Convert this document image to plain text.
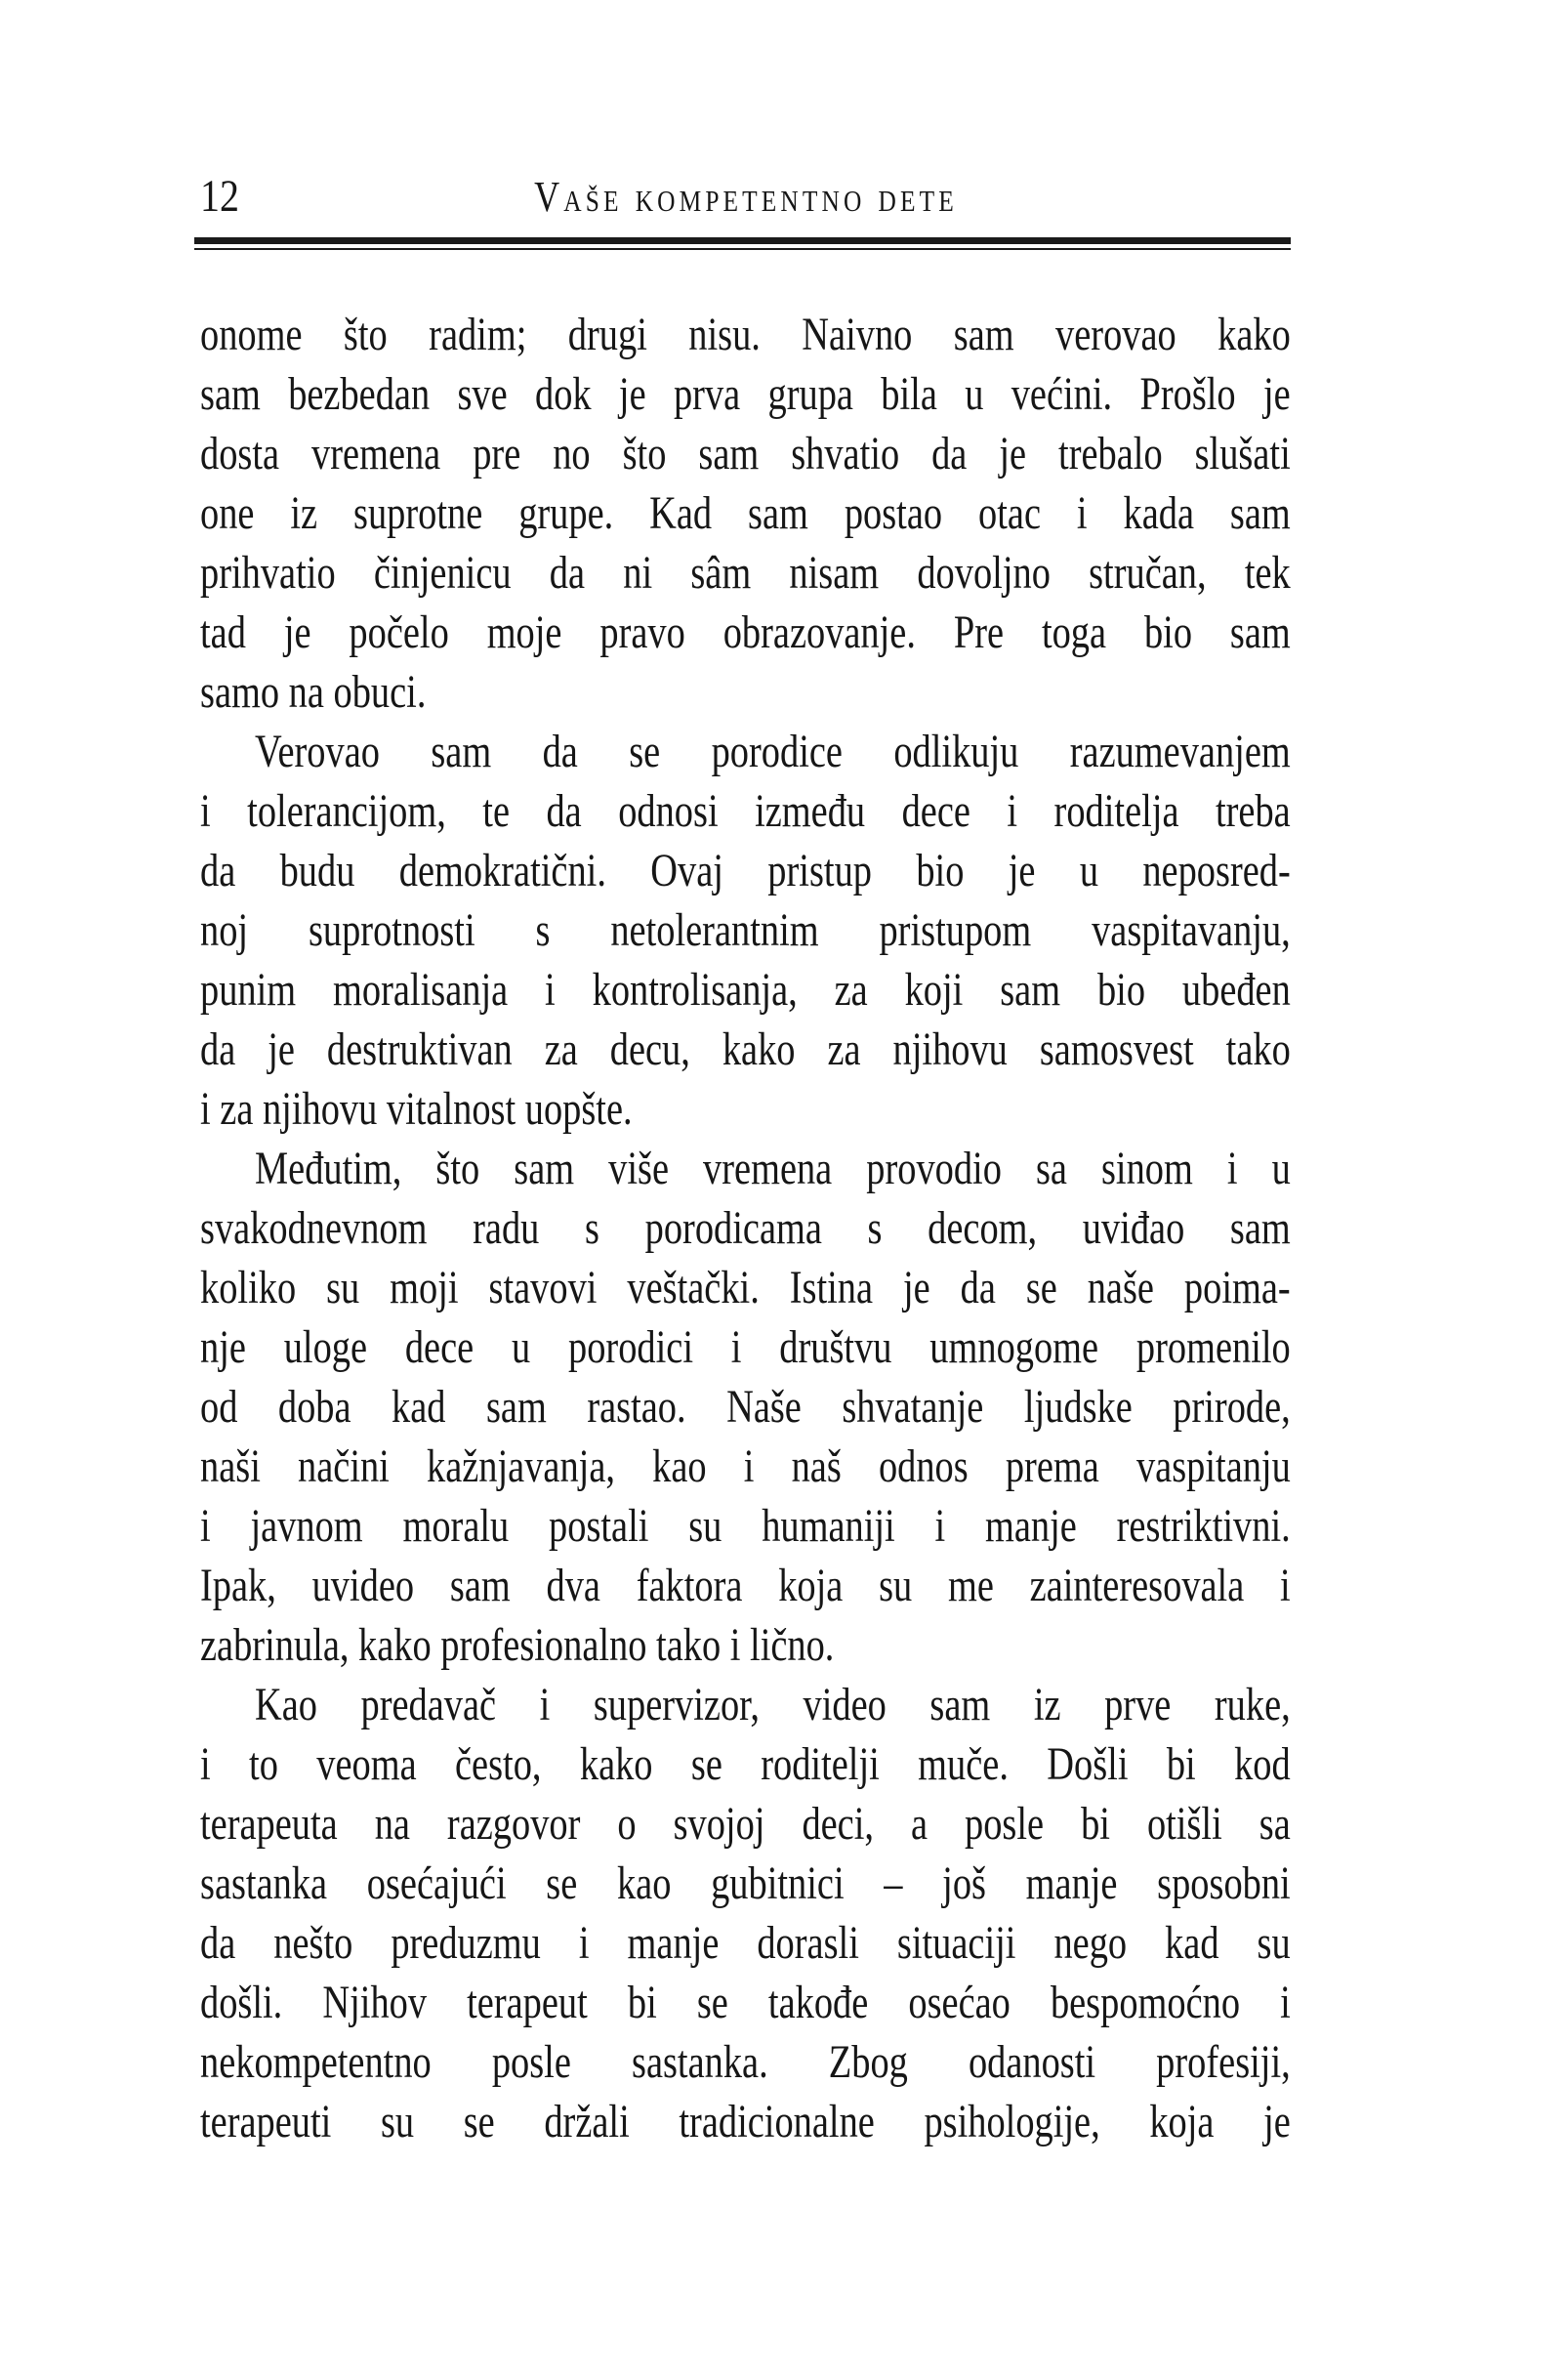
12	Vaše kompetentno dete
onome što radim; drugi nisu. Naivno sam verovao kako
sam bezbedan sve dok je prva grupa bila u većini. Prošlo je
dosta vremena pre no što sam shvatio da je trebalo slušati
one iz suprotne grupe. Kad sam postao otac i kada sam
prihvatio činjenicu da ni sâm nisam dovoljno stručan, tek
tad je počelo moje pravo obrazovanje. Pre toga bio sam
samo na obuci.
Verovao sam da se porodice odlikuju razumevanjem
i tolerancijom, te da odnosi između dece i roditelja treba
da budu demokratični. Ovaj pristup bio je u neposred-
noj suprotnosti s netolerantnim pristupom vaspitavanju,
punim moralisanja i kontrolisanja, za koji sam bio ubeđen
da je destruktivan za decu, kako za njihovu samosvest tako
i za njihovu vitalnost uopšte.
Međutim, što sam više vremena provodio sa sinom i u
svakodnevnom radu s porodicama s decom, uviđao sam
koliko su moji stavovi veštački. Istina je da se naše poima-
nje uloge dece u porodici i društvu umnogome promenilo
od doba kad sam rastao. Naše shvatanje ljudske prirode,
naši načini kažnjavanja, kao i naš odnos prema vaspitanju
i javnom moralu postali su humaniji i manje restriktivni.
Ipak, uvideo sam dva faktora koja su me zainteresovala i
zabrinula, kako profesionalno tako i lično.
Kao predavač i supervizor, video sam iz prve ruke,
i to veoma često, kako se roditelji muče. Došli bi kod
terapeuta na razgovor o svojoj deci, a posle bi otišli sa
sastanka osećajući se kao gubitnici – još manje sposobni
da nešto preduzmu i manje dorasli situaciji nego kad su
došli. Njihov terapeut bi se takođe osećao bespomoćno i
nekompetentno posle sastanka. Zbog odanosti profesiji,
terapeuti su se držali tradicionalne psihologije, koja je
